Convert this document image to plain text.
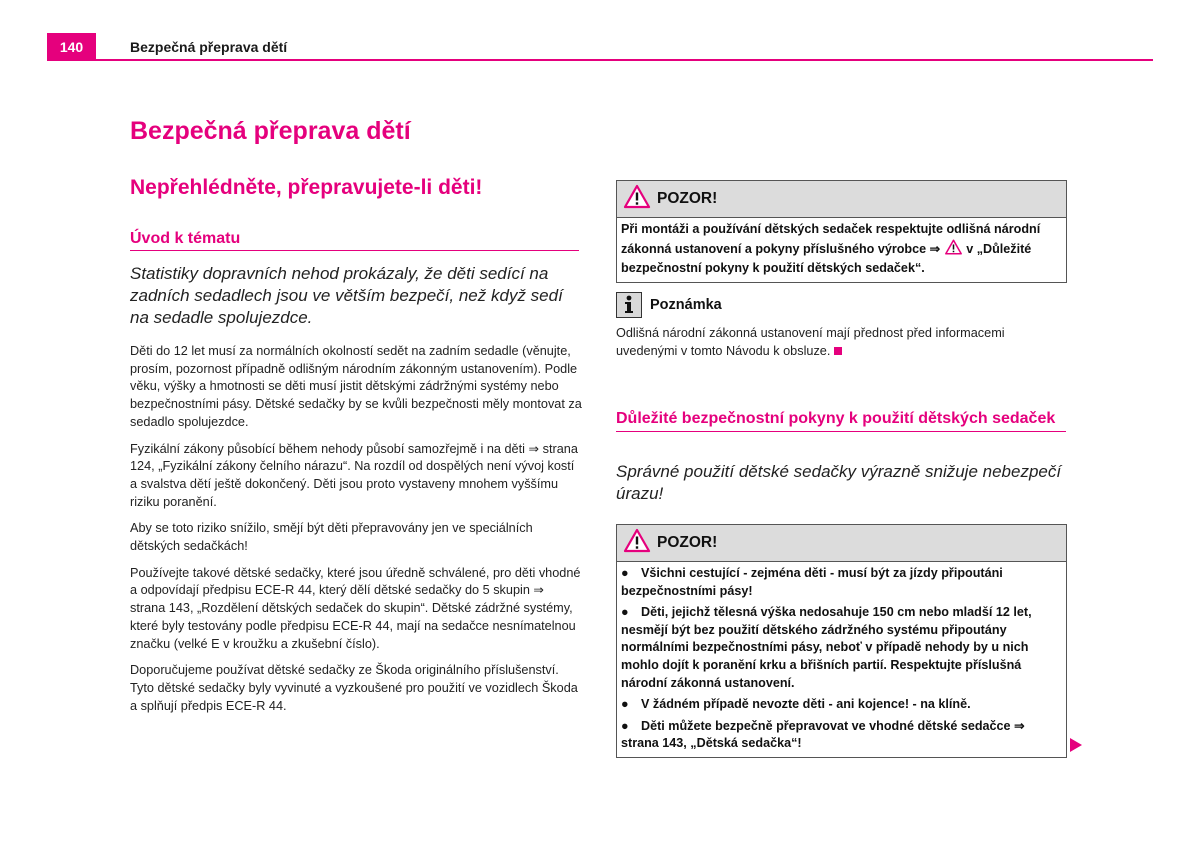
140	Bezpečná přeprava dětí
Bezpečná přeprava dětí
Nepřehlédněte, přepravujete-li děti!
Úvod k tématu
Statistiky dopravních nehod prokázaly, že děti sedící na zadních sedadlech jsou ve větším bezpečí, než když sedí na sedadle spolujezdce.

Děti do 12 let musí za normálních okolností sedět na zadním sedadle (věnujte, prosím, pozornost případně odlišným národním zákonným ustanovením). Podle věku, výšky a hmotnosti se děti musí jistit dětskými zádržnými systémy nebo bezpečnostními pásy. Dětské sedačky by se kvůli bezpečnosti měly montovat za sedadlo spolujezdce.

Fyzikální zákony působící během nehody působí samozřejmě i na děti ⇒ strana 124, „Fyzikální zákony čelního nárazu“. Na rozdíl od dospělých není vývoj kostí a svalstva dětí ještě dokončený. Děti jsou proto vystaveny mnohem vyššímu riziku poranění.

Aby se toto riziko snížilo, smějí být děti přepravovány jen ve speciálních dětských sedačkách!

Používejte takové dětské sedačky, které jsou úředně schválené, pro děti vhodné a odpovídají předpisu ECE-R 44, který dělí dětské sedačky do 5 skupin ⇒ strana 143, „Rozdělení dětských sedaček do skupin“. Dětské zádržné systémy, které byly testovány podle předpisu ECE-R 44, mají na sedačce nesnímatelnou značku (velké E v kroužku a zkušební číslo).

Doporučujeme používat dětské sedačky ze Škoda originálního příslušenství. Tyto dětské sedačky byly vyvinuté a vyzkoušené pro použití ve vozidlech Škoda a splňují předpis ECE-R 44.

POZOR!
Při montáži a používání dětských sedaček respektujte odlišná národní zákonná ustanovení a pokyny příslušného výrobce ⇒ v „Důležité bezpečnostní pokyny k použití dětských sedaček“.
Poznámka
Odlišná národní zákonná ustanovení mají přednost před informacemi uvedenými v tomto Návodu k obsluze.
Důležité bezpečnostní pokyny k použití dětských sedaček
Správné použití dětské sedačky výrazně snižuje nebezpečí úrazu!
POZOR!
● Všichni cestující - zejména děti - musí být za jízdy připoutáni bezpečnostními pásy!
● Děti, jejichž tělesná výška nedosahuje 150 cm nebo mladší 12 let, nesmějí být bez použití dětského zádržného systému připoutány normálními bezpečnostními pásy, neboť v případě nehody by u nich mohlo dojít k poranění krku a břišních partií. Respektujte příslušná národní zákonná ustanovení.
● V žádném případě nevozte děti - ani kojence! - na klíně.
● Děti můžete bezpečně přepravovat ve vhodné dětské sedačce ⇒ strana 143, „Dětská sedačka“!
